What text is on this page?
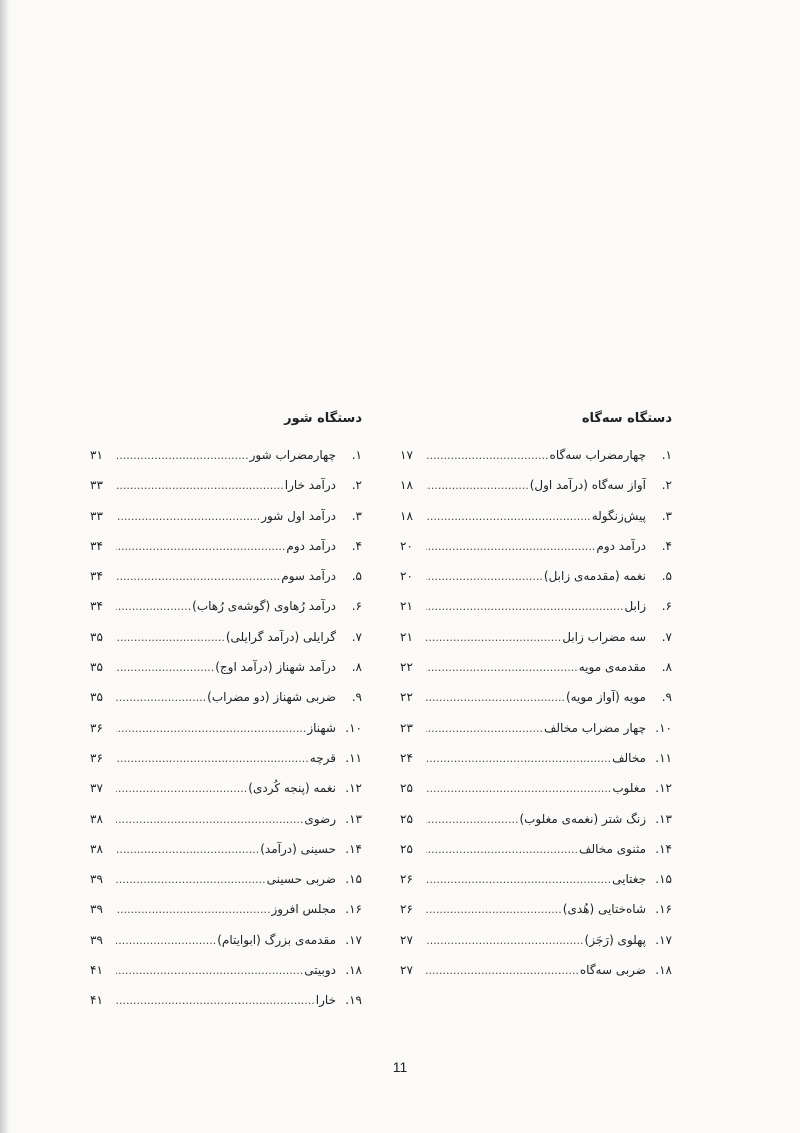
دستگاه سه‌گاه
۱.
چهارمضراب سه‌گاه
.....
۱۷
۲.
آواز سه‌گاه (درآمد اول)
.....
۱۸
۳.
پیش‌زنگوله
.....
۱۸
۴.
درآمد دوم
.....
۲۰
۵.
نغمه (مقدمه‌ی زابل)
.....
۲۰
۶.
زابل
.....
۲۱
۷.
سه مضراب زابل
.....
۲۱
۸.
مقدمه‌ی مویه
.....
۲۲
۹.
مویه (آواز مویه)
.....
۲۲
۱۰.
چهار مضراب مخالف
.....
۲۳
۱۱.
مخالف
.....
۲۴
۱۲.
مغلوب
.....
۲۵
۱۳.
زنگ شتر (نغمه‌ی مغلوب)
.....
۲۵
۱۴.
مثنوی مخالف
.....
۲۵
۱۵.
جغتایی
.....
۲۶
۱۶.
شاه‌ختایی (هُدی)
.....
۲۶
۱۷.
پهلوی (رَجَز)
.....
۲۷
۱۸.
ضربی سه‌گاه
.....
۲۷
دستگاه شور
۱.
چهارمضراب شور
.....
۳۱
۲.
درآمد خارا
.....
۳۳
۳.
درآمد اول شور
.....
۳۳
۴.
درآمد دوم
.....
۳۴
۵.
درآمد سوم
.....
۳۴
۶.
درآمد رُهاوی (گوشه‌ی رُهاب)
.....
۳۴
۷.
گرایلی (درآمد گرایلی)
.....
۳۵
۸.
درآمد شهناز (درآمد اوج)
.....
۳۵
۹.
ضربی شهناز (دو مضراب)
.....
۳۵
۱۰.
شهناز
.....
۳۶
۱۱.
قرچه
.....
۳۶
۱۲.
نغمه (پنجه کُردی)
.....
۳۷
۱۳.
رضوی
.....
۳۸
۱۴.
حسینی (درآمد)
.....
۳۸
۱۵.
ضربی حسینی
.....
۳۹
۱۶.
مجلس افروز
.....
۳۹
۱۷.
مقدمه‌ی بزرگ (ابوایتام)
.....
۳۹
۱۸.
دوبیتی
.....
۴۱
۱۹.
خارا
.....
۴۱
11
